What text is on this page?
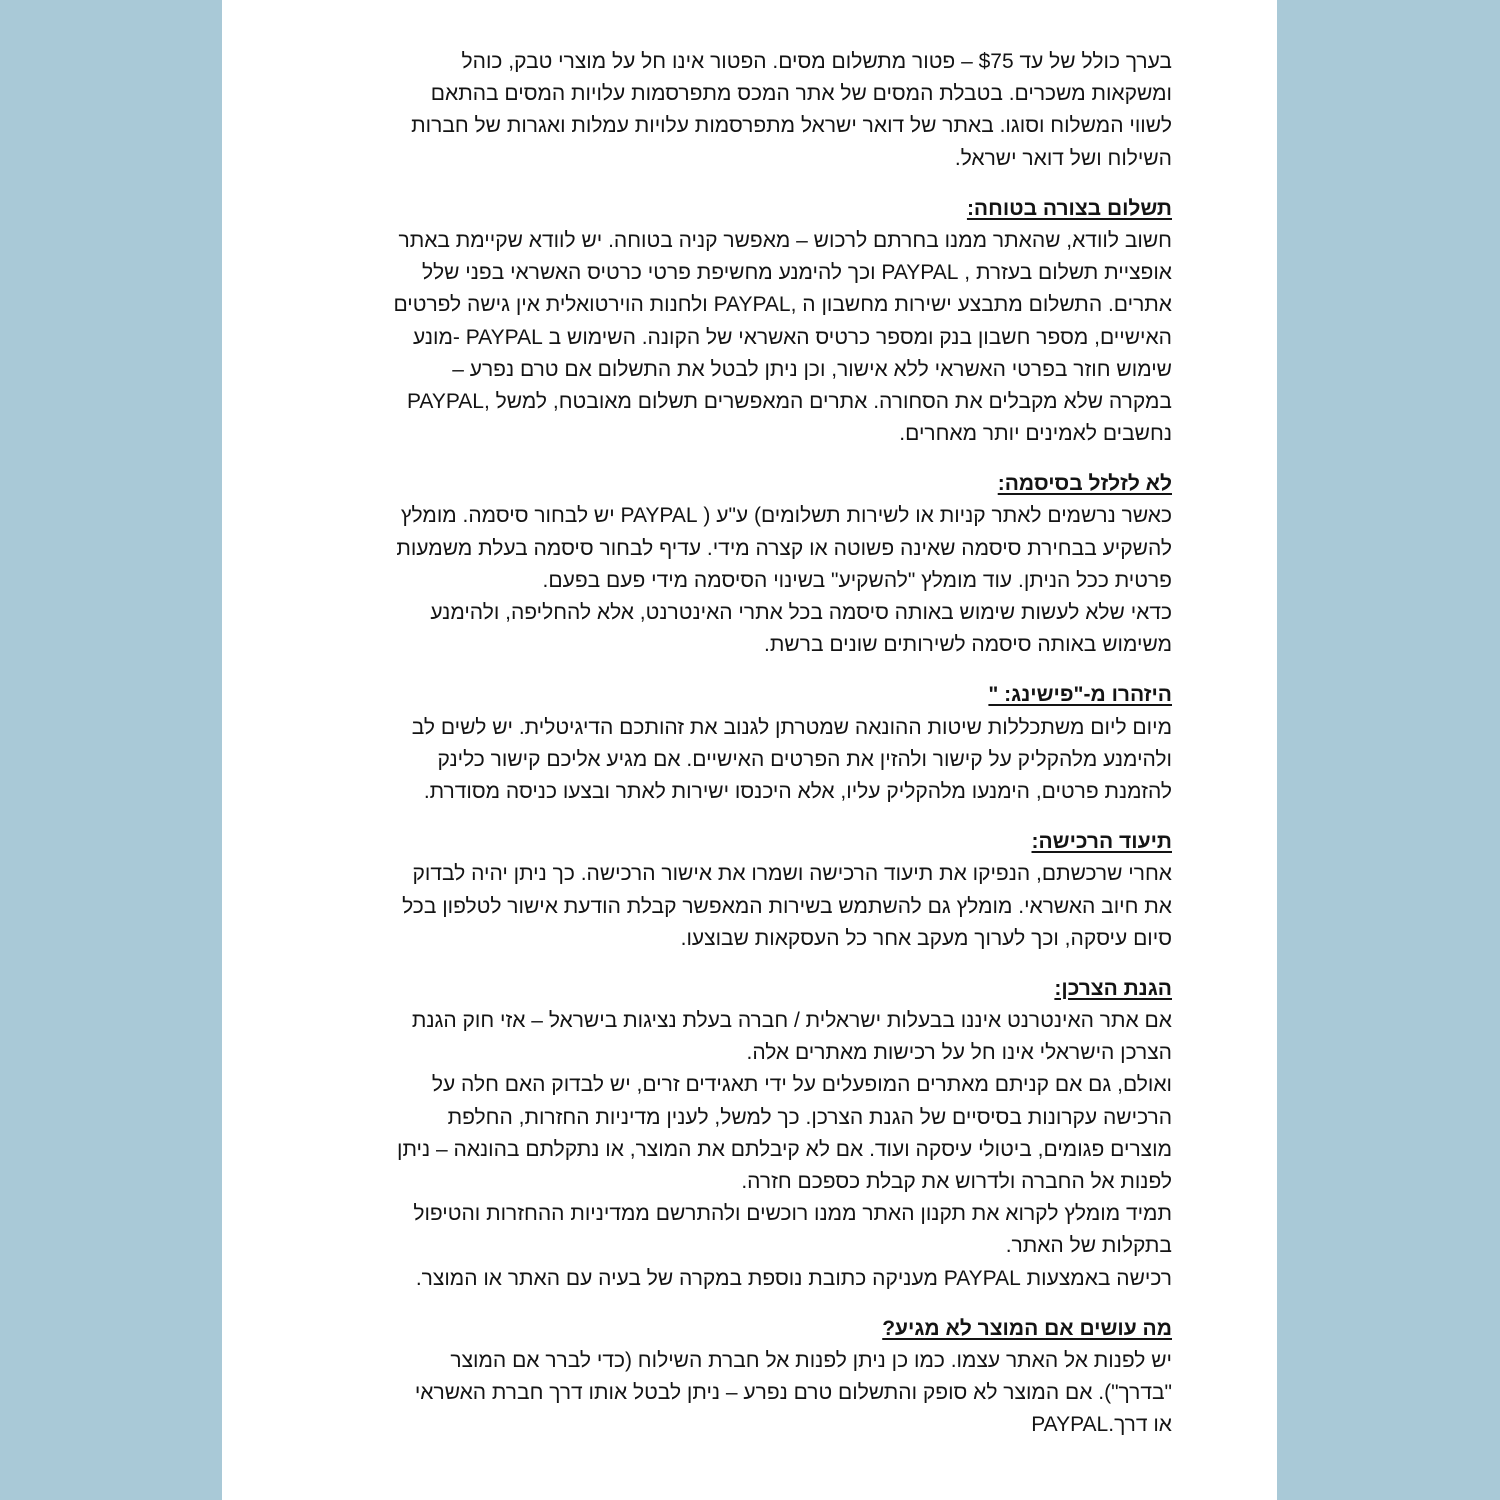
בערך כולל של עד $75 – פטור מתשלום מסים. הפטור אינו חל על מוצרי טבק, כוהל
ומשקאות משכרים. בטבלת המסים של אתר המכס מתפרסמות עלויות המסים בהתאם
לשווי המשלוח וסוגו. באתר של דואר ישראל מתפרסמות עלויות עמלות ואגרות של חברות
השילוח ושל דואר ישראל.
תשלום בצורה בטוחה:
חשוב לוודא, שהאתר ממנו בחרתם לרכוש – מאפשר קניה בטוחה. יש לוודא שקיימת באתר
אופציית תשלום בעזרת , PAYPAL וכך להימנע מחשיפת פרטי כרטיס האשראי בפני שלל
אתרים. התשלום מתבצע ישירות מחשבון ה ,PAYPAL ולחנות הוירטואלית אין גישה לפרטים
האישיים, מספר חשבון בנק ומספר כרטיס האשראי של הקונה. השימוש ב PAYPAL -מונע
שימוש חוזר בפרטי האשראי ללא אישור, וכן ניתן לבטל את התשלום אם טרם נפרע –
במקרה שלא מקבלים את הסחורה. אתרים המאפשרים תשלום מאובטח, למשל ,PAYPAL
נחשבים לאמינים יותר מאחרים.
לא לזלזל בסיסמה:
כאשר נרשמים לאתר קניות או לשירות תשלומים) ע"ע ( PAYPAL יש לבחור סיסמה. מומלץ
להשקיע בבחירת סיסמה שאינה פשוטה או קצרה מידי. עדיף לבחור סיסמה בעלת משמעות
פרטית ככל הניתן. עוד מומלץ "להשקיע" בשינוי הסיסמה מידי פעם בפעם.
כדאי שלא לעשות שימוש באותה סיסמה בכל אתרי האינטרנט, אלא להחליפה, ולהימנע
משימוש באותה סיסמה לשירותים שונים ברשת.
היזהרו מ-"פישינג: "
מיום ליום משתכללות שיטות ההונאה שמטרתן לגנוב את זהותכם הדיגיטלית. יש לשים לב
ולהימנע מלהקליק על קישור ולהזין את הפרטים האישיים. אם מגיע אליכם קישור כלינק
להזמנת פרטים, הימנעו מלהקליק עליו, אלא היכנסו ישירות לאתר ובצעו כניסה מסודרת.
תיעוד הרכישה:
אחרי שרכשתם, הנפיקו את תיעוד הרכישה ושמרו את אישור הרכישה. כך ניתן יהיה לבדוק
את חיוב האשראי. מומלץ גם להשתמש בשירות המאפשר קבלת הודעת אישור לטלפון בכל
סיום עיסקה, וכך לערוך מעקב אחר כל העסקאות שבוצעו.
הגנת הצרכן:
אם אתר האינטרנט איננו בבעלות ישראלית / חברה בעלת נציגות בישראל – אזי חוק הגנת
הצרכן הישראלי אינו חל על רכישות מאתרים אלה.
ואולם, גם אם קניתם מאתרים המופעלים על ידי תאגידים זרים, יש לבדוק האם חלה על
הרכישה עקרונות בסיסיים של הגנת הצרכן. כך למשל, לענין מדיניות החזרות, החלפת
מוצרים פגומים, ביטולי עיסקה ועוד. אם לא קיבלתם את המוצר, או נתקלתם בהונאה – ניתן
לפנות אל החברה ולדרוש את קבלת כספכם חזרה.
תמיד מומלץ לקרוא את תקנון האתר ממנו רוכשים ולהתרשם ממדיניות ההחזרות והטיפול
בתקלות של האתר.
רכישה באמצעות PAYPAL מעניקה כתובת נוספת במקרה של בעיה עם האתר או המוצר.
מה עושים אם המוצר לא מגיע?
יש לפנות אל האתר עצמו. כמו כן ניתן לפנות אל חברת השילוח (כדי לברר אם המוצר
"בדרך"). אם המוצר לא סופק והתשלום טרם נפרע – ניתן לבטל אותו דרך חברת האשראי
או דרך.PAYPAL
